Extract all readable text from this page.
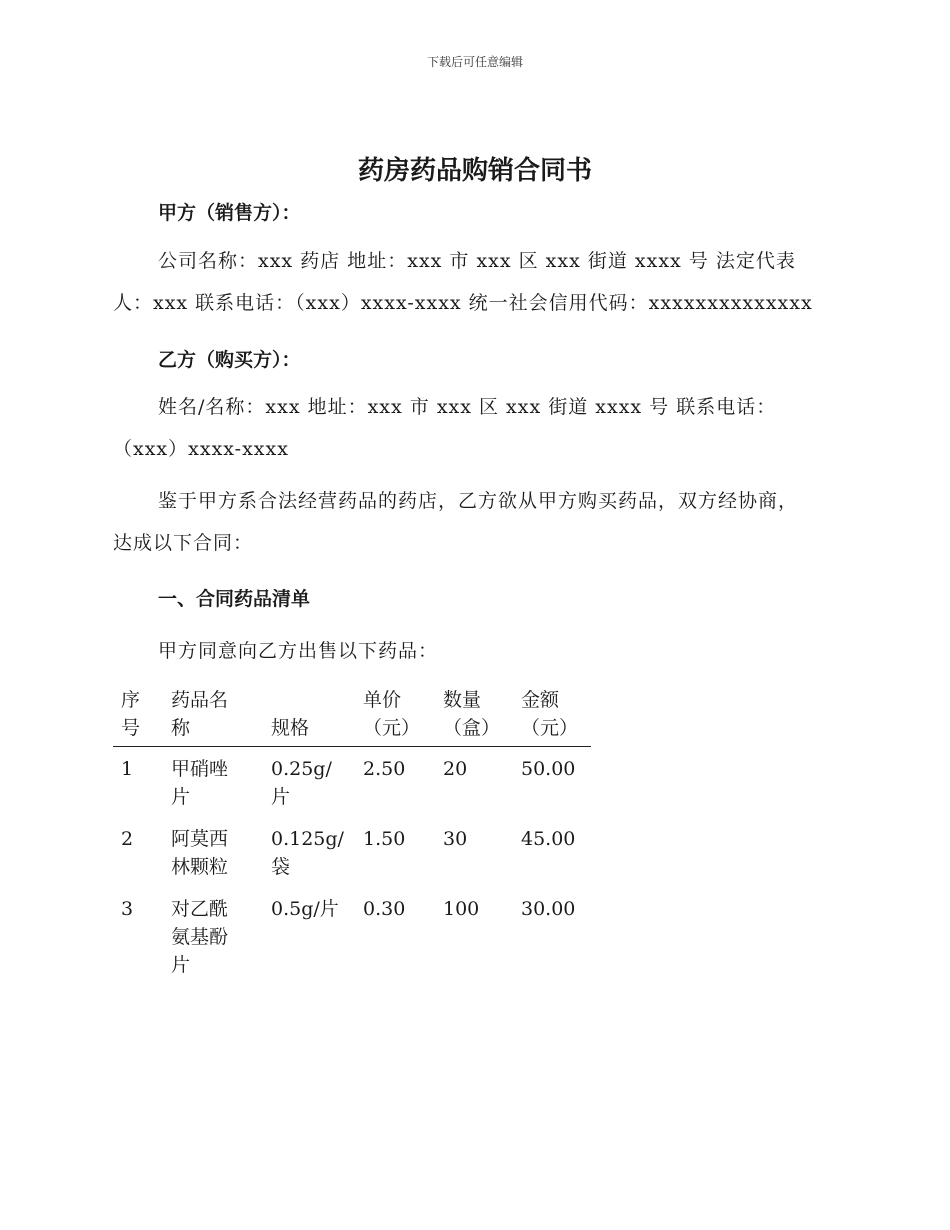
下载后可任意编辑
药房药品购销合同书
甲方（销售方）：
公司名称：xxx 药店 地址：xxx 市 xxx 区 xxx 街道 xxxx 号 法定代表人：xxx 联系电话：（xxx）xxxx-xxxx 统一社会信用代码：xxxxxxxxxxxxxx
乙方（购买方）：
姓名/名称：xxx 地址：xxx 市 xxx 区 xxx 街道 xxxx 号 联系电话：（xxx）xxxx-xxxx
鉴于甲方系合法经营药品的药店，乙方欲从甲方购买药品，双方经协商，达成以下合同：
一、合同药品清单
甲方同意向乙方出售以下药品：
序号	药品名称	规格	单价（元）	数量（盒）	金额（元）

1	甲硝唑片	0.25g/片	2.50	20	50.00
2	阿莫西林颗粒	0.125g/袋	1.50	30	45.00
3	对乙酰氨基酚片	0.5g/片	0.30	100	30.00
